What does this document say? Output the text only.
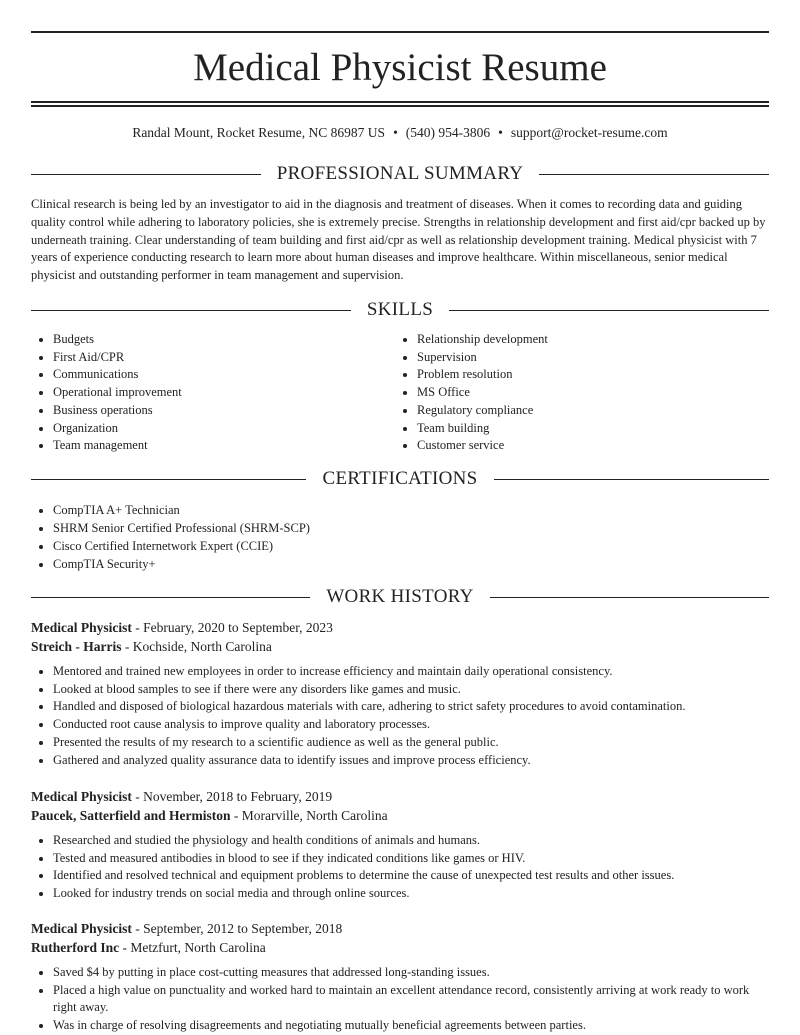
Medical Physicist Resume
Randal Mount, Rocket Resume, NC 86987 US • (540) 954-3806 • support@rocket-resume.com
PROFESSIONAL SUMMARY

Clinical research is being led by an investigator to aid in the diagnosis and treatment of diseases. When it comes to recording data and guiding quality control while adhering to laboratory policies, she is extremely precise. Strengths in relationship development and first aid/cpr backed up by underneath training. Clear understanding of team building and first aid/cpr as well as relationship development training. Medical physicist with 7 years of experience conducting research to learn more about human diseases and improve healthcare. Within miscellaneous, senior medical physicist and outstanding performer in team management and supervision.

SKILLS
• Budgets
• First Aid/CPR
• Communications
• Operational improvement
• Business operations
• Organization
• Team management
• Relationship development
• Supervision
• Problem resolution
• MS Office
• Regulatory compliance
• Team building
• Customer service
CERTIFICATIONS
• CompTIA A+ Technician
• SHRM Senior Certified Professional (SHRM-SCP)
• Cisco Certified Internetwork Expert (CCIE)
• CompTIA Security+
WORK HISTORY
Medical Physicist - February, 2020 to September, 2023
Streich - Harris - Kochside, North Carolina
• Mentored and trained new employees in order to increase efficiency and maintain daily operational consistency.
• Looked at blood samples to see if there were any disorders like games and music.
• Handled and disposed of biological hazardous materials with care, adhering to strict safety procedures to avoid contamination.
• Conducted root cause analysis to improve quality and laboratory processes.
• Presented the results of my research to a scientific audience as well as the general public.
• Gathered and analyzed quality assurance data to identify issues and improve process efficiency.
Medical Physicist - November, 2018 to February, 2019
Paucek, Satterfield and Hermiston - Morarville, North Carolina
• Researched and studied the physiology and health conditions of animals and humans.
• Tested and measured antibodies in blood to see if they indicated conditions like games or HIV.
• Identified and resolved technical and equipment problems to determine the cause of unexpected test results and other issues.
• Looked for industry trends on social media and through online sources.
Medical Physicist - September, 2012 to September, 2018
Rutherford Inc - Metzfurt, North Carolina
• Saved $4 by putting in place cost-cutting measures that addressed long-standing issues.
• Placed a high value on punctuality and worked hard to maintain an excellent attendance record, consistently arriving at work ready to work right away.
• Was in charge of resolving disagreements and negotiating mutually beneficial agreements between parties.
